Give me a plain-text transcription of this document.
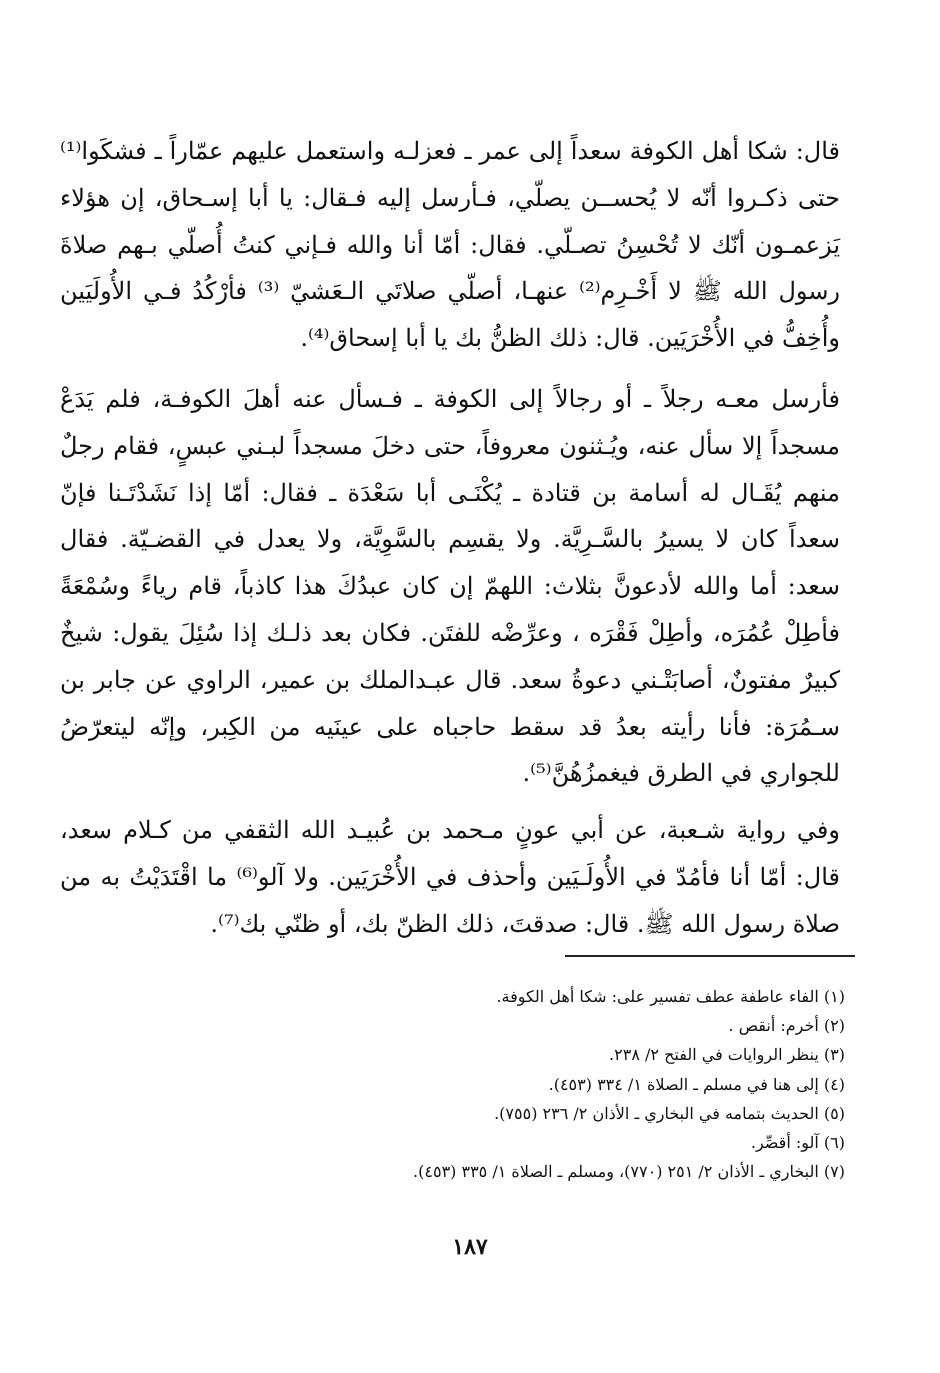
قال: شكا أهل الكوفة سعداً إلى عمر ـ فعزلـه واستعمل عليهم عمّاراً ـ فشكَوا⁽¹⁾ حتى ذكـروا أنّه لا يُحســن يصلّي، فـأرسل إليه فـقال: يا أبا إسـحاق، إن هؤلاء يَزعمـون أنّك لا تُحْسِنُ تصـلّي. فقال: أمّا أنا والله فـإني كنتُ أُصلّي بـهم صلاةَ رسول الله ﷺ لا أَخْـرِم⁽²⁾ عنهـا، أصلّي صلاتَي الـعَشيّ ⁽³⁾ فأرْكُدُ فـي الأُولَيَين وأُخِفُّ في الأُخْرَيَين. قال: ذلك الظنُّ بك يا أبا إسحاق⁽⁴⁾.

فأرسل معـه رجلاً ـ أو رجالاً إلى الكوفة ـ فـسأل عنه أهلَ الكوفـة، فلم يَدَعْ مسجداً إلا سأل عنه، ويُـثنون معروفاً، حتى دخلَ مسجداً لبـني عبسٍ، فقام رجلٌ منهم يُقَـال له أسامة بن قتادة ـ يُكْنَـى أبا سَعْدَة ـ فقال: أمّا إذا نَشَدْتَـنا فإنّ سعداً كان لا يسيرُ بالسَّـرِيَّة. ولا يقسِم بالسَّوِيَّة، ولا يعدل في القضـيّة. فقال سعد: أما والله لأدعونَّ بثلاث: اللهمّ إن كان عبدُكَ هذا كاذباً، قام رياءً وسُمْعَةً فأطِلْ عُمُرَه، وأطِلْ فَقْرَه ، وعرِّضْه للفتَن. فكان بعد ذلـك إذا سُئِلَ يقول: شيخٌ كبيرٌ مفتونٌ، أصابَتْـني دعوةُ سعد. قال عبـدالملك بن عمير، الراوي عن جابر بن سـمُرَة: فأنا رأيته بعدُ قد سقط حاجباه على عينَيه من الكِبر، وإنّه ليتعرّضُ للجواري في الطرق فيغمزُهُنَّ⁽⁵⁾.

وفي رواية شـعبة، عن أبي عونٍ مـحمد بن عُبيـد الله الثقفي من كـلام سعد، قال: أمّا أنا فأمُدّ في الأُولَـيَين وأحذف في الأُخْرَيَين. ولا آلو⁽⁶⁾ ما اقْتَدَيْتُ به من صلاة رسول الله ﷺ. قال: صدقتَ، ذلك الظنّ بك، أو ظنّي بك⁽⁷⁾.

(١) الفاء عاطفة عطف تفسير على: شكا أهل الكوفة.

(٢) أخرم: أنقص .

(٣) ينظر الروايات في الفتح ٢/ ٢٣٨.

(٤) إلى هنا في مسلم ـ الصلاة ١/ ٣٣٤ (٤٥٣).

(٥) الحديث بتمامه في البخاري ـ الأذان ٢/ ٢٣٦ (٧٥٥).

(٦) آلو: أقصِّر.

(٧) البخاري ـ الأذان ٢/ ٢٥١ (٧٧٠)، ومسلم ـ الصلاة ١/ ٣٣٥ (٤٥٣).

١٨٧
